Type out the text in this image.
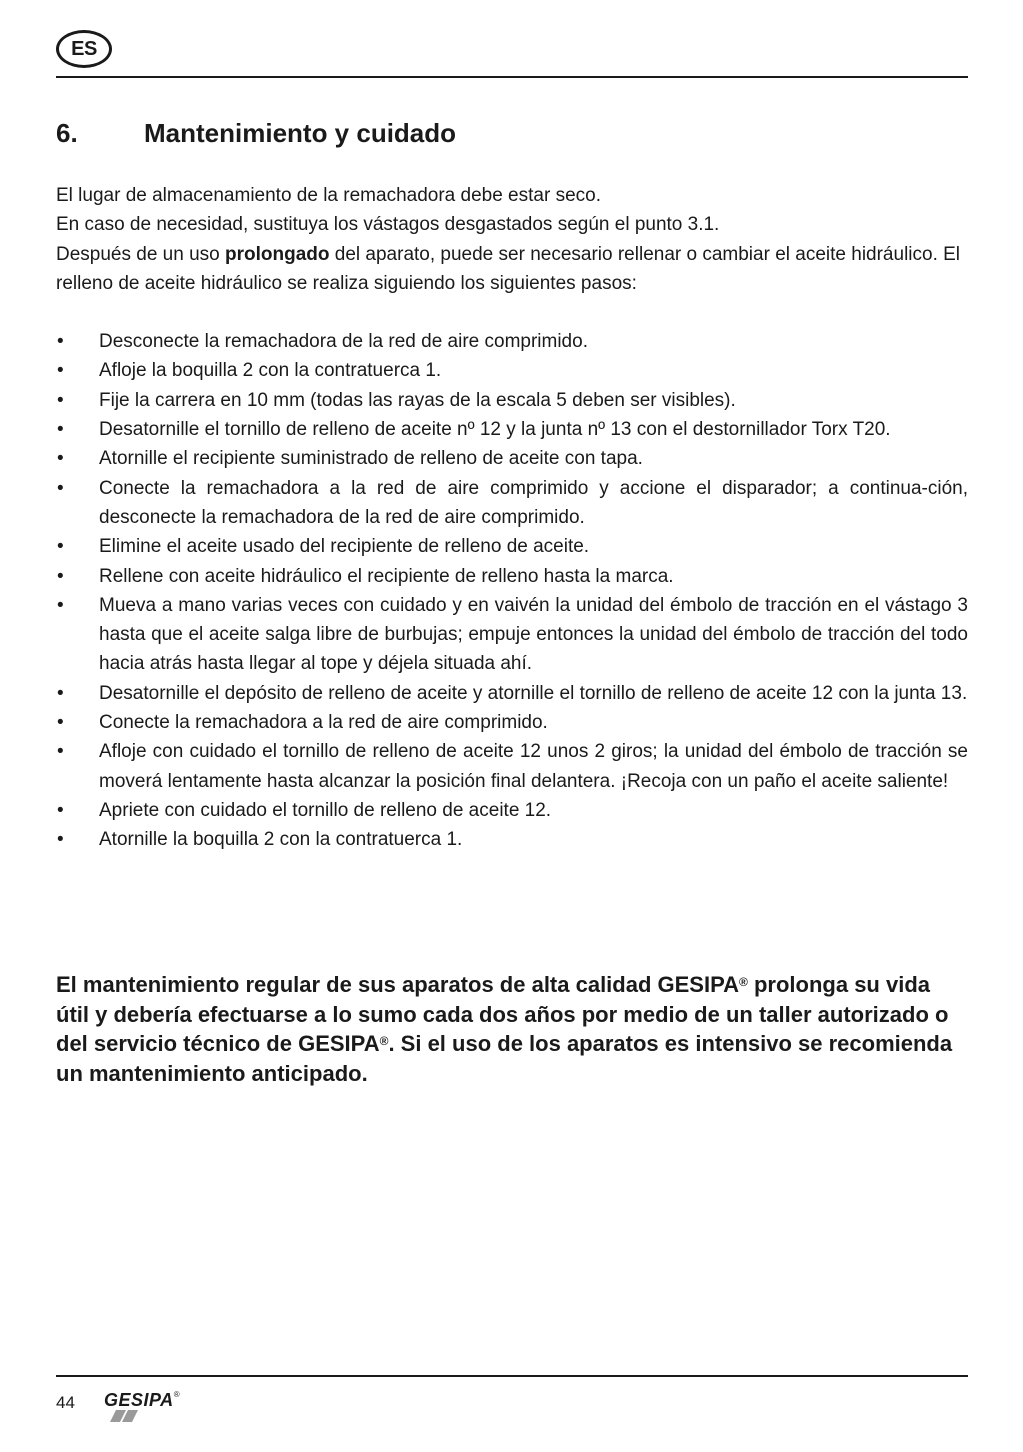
ES
6.	Mantenimiento y cuidado

El lugar de almacenamiento de la remachadora debe estar seco.

En caso de necesidad, sustituya los vástagos desgastados según el punto 3.1.

Después de un uso prolongado del aparato, puede ser necesario rellenar o cambiar el aceite hidráulico. El relleno de aceite hidráulico se realiza siguiendo los siguientes pasos:

• Desconecte la remachadora de la red de aire comprimido.
• Afloje la boquilla 2 con la contratuerca 1.
• Fije la carrera en 10 mm (todas las rayas de la escala 5 deben ser visibles).
• Desatornille el tornillo de relleno de aceite nº 12 y la junta nº 13 con el destornillador Torx T20.
• Atornille el recipiente suministrado de relleno de aceite con tapa.
• Conecte la remachadora a la red de aire comprimido y accione el disparador; a continua-ción, desconecte la remachadora de la red de aire comprimido.
• Elimine el aceite usado del recipiente de relleno de aceite.
• Rellene con aceite hidráulico el recipiente de relleno hasta la marca.
• Mueva a mano varias veces con cuidado y en vaivén la unidad del émbolo de tracción en el vástago 3 hasta que el aceite salga libre de burbujas; empuje entonces la unidad del émbolo de tracción del todo hacia atrás hasta llegar al tope y déjela situada ahí.
• Desatornille el depósito de relleno de aceite y atornille el tornillo de relleno de aceite 12 con la junta 13.
• Conecte la remachadora a la red de aire comprimido.
• Afloje con cuidado el tornillo de relleno de aceite 12 unos 2 giros; la unidad del émbolo de tracción se moverá lentamente hasta alcanzar la posición final delantera. ¡Recoja con un paño el aceite saliente!
• Apriete con cuidado el tornillo de relleno de aceite 12.
• Atornille la boquilla 2 con la contratuerca 1.
El mantenimiento regular de sus aparatos de alta calidad GESIPA® prolonga su vida útil y debería efectuarse a lo sumo cada dos años por medio de un taller autorizado o del servicio técnico de GESIPA®. Si el uso de los aparatos es intensivo se recomienda un mantenimiento anticipado.
44 GESIPA®
